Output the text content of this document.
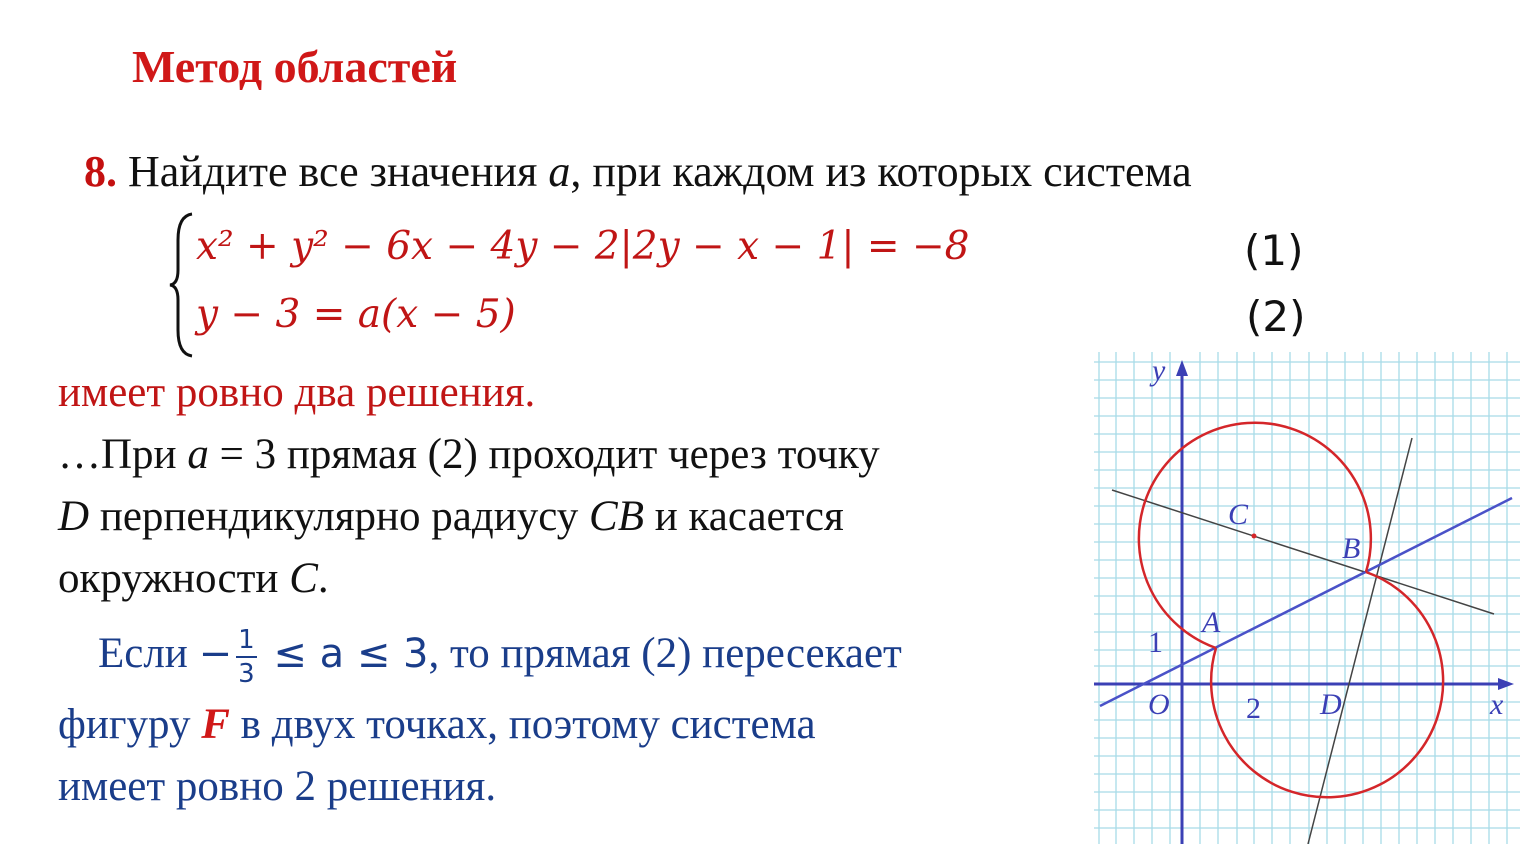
Метод областей
8. Найдите все значения a, при каждом из которых система
x² + y² − 6x − 4y − 2|2y − x − 1| = −8
y − 3 = a(x − 5)
(1)
(2)
имеет ровно два решения.
…При a = 3 прямая (2) проходит через точку
D перпендикулярно радиусу CB и касается
окружности C.
Если − $\frac{1}{3} \le a \le 3$, то прямая (2) пересекает
фигуру F в двух точках, поэтому система
имеет ровно 2 решения.
y
x
O
1
2
A
B
C
D
